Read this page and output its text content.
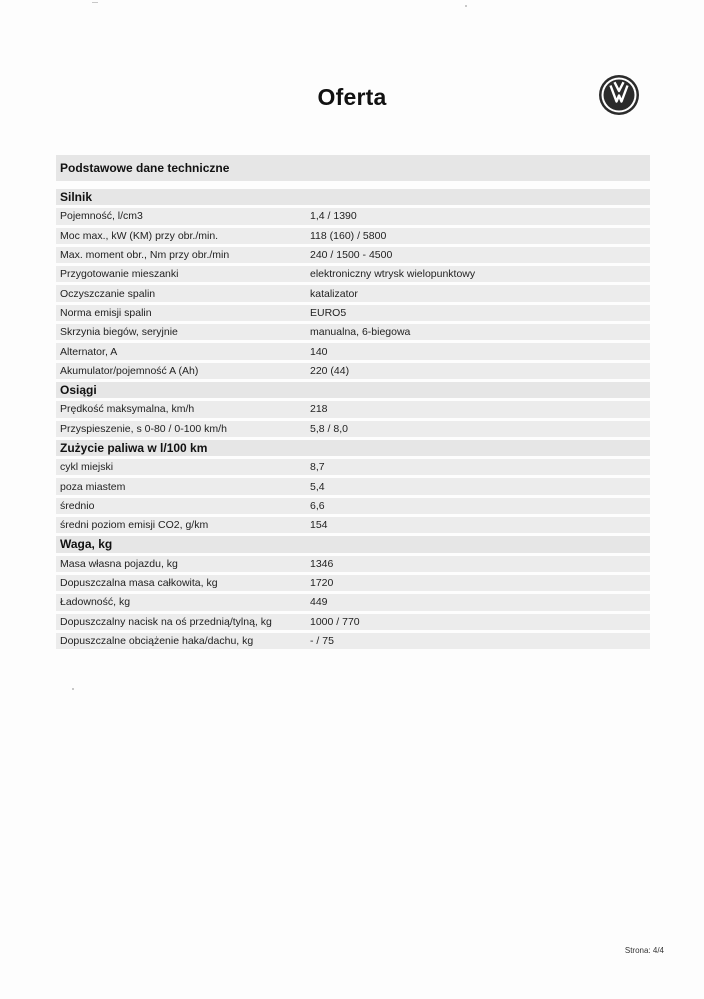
Oferta
Podstawowe dane techniczne
Silnik
Pojemność, l/cm3	1,4 / 1390
Moc max., kW (KM) przy obr./min.	118 (160) / 5800
Max. moment obr., Nm przy obr./min	240 / 1500 - 4500
Przygotowanie mieszanki	elektroniczny wtrysk wielopunktowy
Oczyszczanie spalin	katalizator
Norma emisji spalin	EURO5
Skrzynia biegów, seryjnie	manualna, 6-biegowa
Alternator, A	140
Akumulator/pojemność A (Ah)	220 (44)
Osiągi
Prędkość maksymalna, km/h	218
Przyspieszenie, s 0-80 / 0-100 km/h	5,8 / 8,0
Zużycie paliwa w l/100 km
cykl miejski	8,7
poza miastem	5,4
średnio	6,6
średni poziom emisji CO2, g/km	154
Waga, kg
Masa własna pojazdu, kg	1346
Dopuszczalna masa całkowita, kg	1720
Ładowność, kg	449
Dopuszczalny nacisk na oś przednią/tylną, kg	1000 / 770
Dopuszczalne obciążenie haka/dachu, kg	- / 75
Strona: 4/4
